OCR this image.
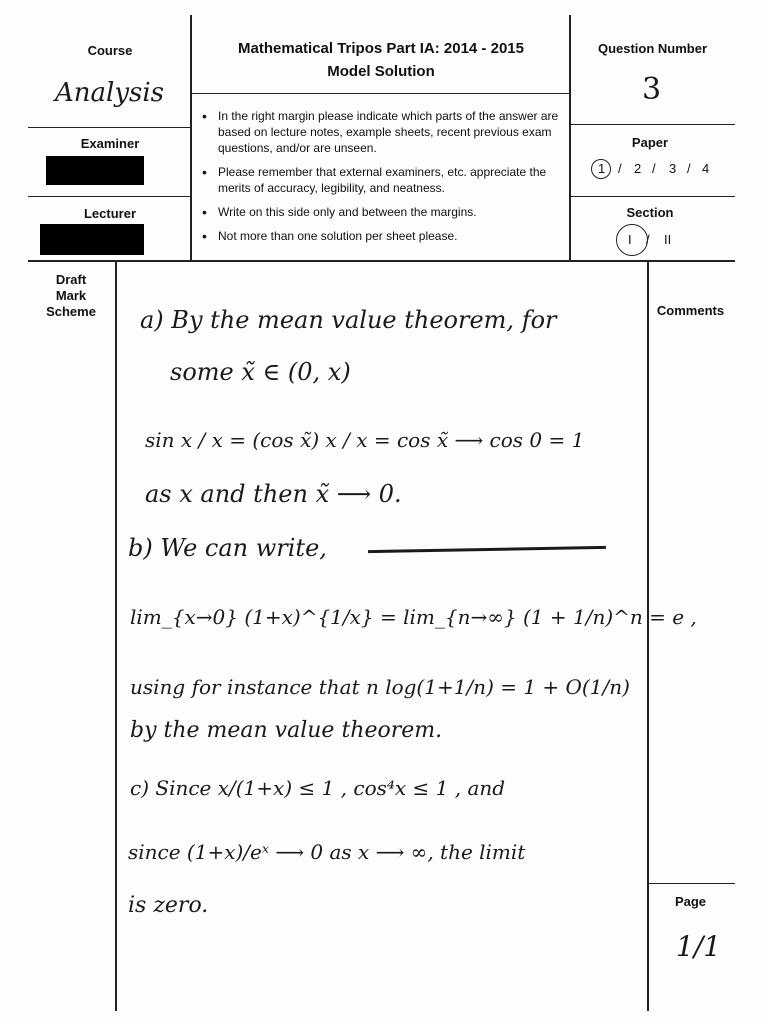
Course
Analysis
Examiner
Lecturer
Mathematical Tripos Part IA: 2014 - 2015
Model Solution
• In the right margin please indicate which parts of the answer are based on lecture notes, example sheets, recent previous exam questions, and/or are unseen.
• Please remember that external examiners, etc. appreciate the merits of accuracy, legibility, and neatness.
• Write on this side only and between the margins.
• Not more than one solution per sheet please.
Question Number
3
Paper
1 / 2 / 3 / 4
Section
I / II
Draft
Mark
Scheme	Comments
Page
1/1
a) By the mean value theorem, for
some x̃ ∈ (0, x)
sin x / x = (cos x̃) x / x = cos x̃ ⟶ cos 0 = 1
as x and then x̃ ⟶ 0.
b) We can write,
lim_{x→0} (1+x)^{1/x} = lim_{n→∞} (1 + 1/n)^n = e ,
using for instance that n log(1+1/n) = 1 + O(1/n)
by the mean value theorem.
c) Since x/(1+x) ≤ 1 , cos⁴x ≤ 1 , and
since (1+x)/eˣ ⟶ 0 as x ⟶ ∞, the limit
is zero.
